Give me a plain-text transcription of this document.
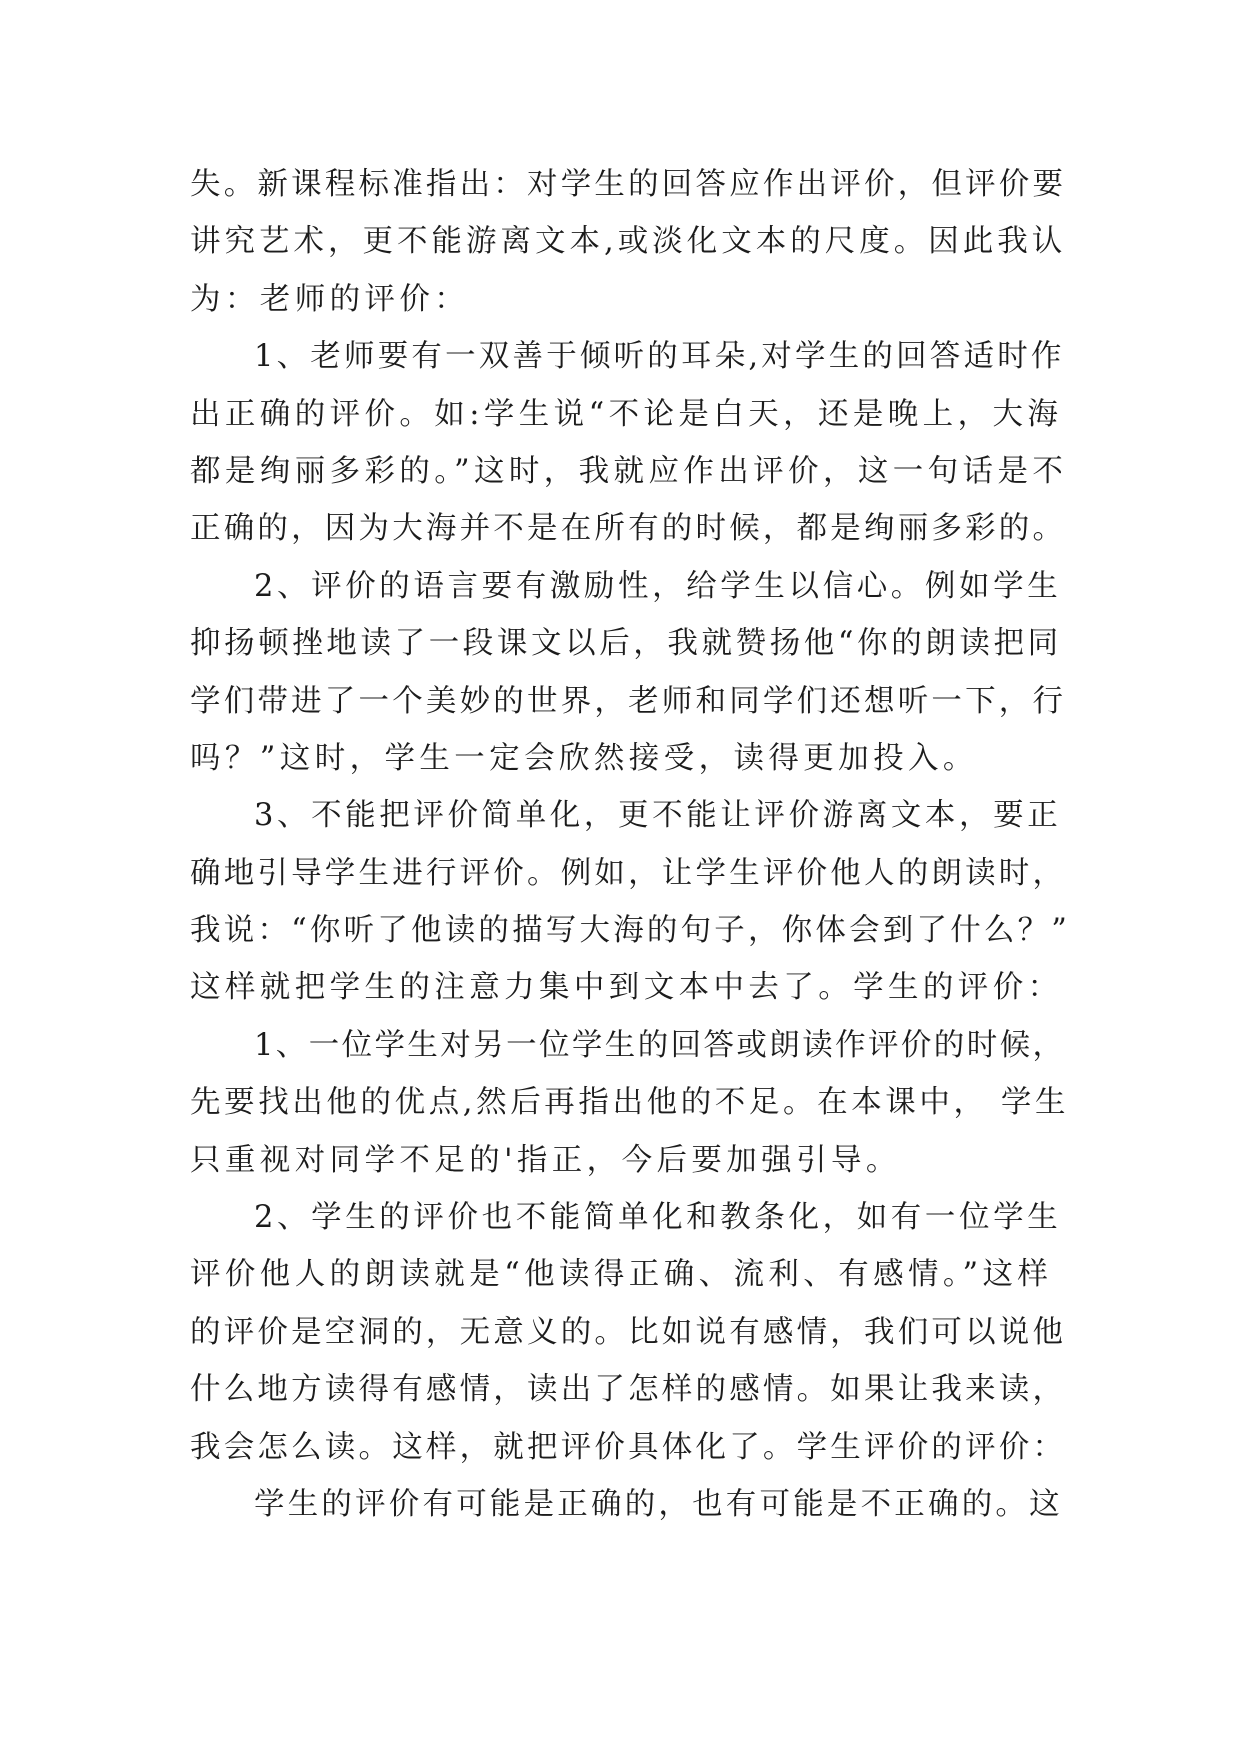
失。新课程标准指出：对学生的回答应作出评价，但评价要
讲究艺术，更不能游离文本,或淡化文本的尺度。因此我认
为：老师的评价：
1、老师要有一双善于倾听的耳朵,对学生的回答适时作
出正确的评价。如:学生说“不论是白天，还是晚上，大海
都是绚丽多彩的。”这时，我就应作出评价，这一句话是不
正确的，因为大海并不是在所有的时候，都是绚丽多彩的。
2、评价的语言要有激励性，给学生以信心。例如学生
抑扬顿挫地读了一段课文以后，我就赞扬他“你的朗读把同
学们带进了一个美妙的世界，老师和同学们还想听一下，行
吗？”这时，学生一定会欣然接受，读得更加投入。
3、不能把评价简单化，更不能让评价游离文本，要正
确地引导学生进行评价。例如，让学生评价他人的朗读时，
我说：“你听了他读的描写大海的句子，你体会到了什么？”
这样就把学生的注意力集中到文本中去了。学生的评价：
1、一位学生对另一位学生的回答或朗读作评价的时候，
先要找出他的优点,然后再指出他的不足。在本课中， 学生
只重视对同学不足的'指正，今后要加强引导。
2、学生的评价也不能简单化和教条化，如有一位学生
评价他人的朗读就是“他读得正确、流利、有感情。”这样
的评价是空洞的，无意义的。比如说有感情，我们可以说他
什么地方读得有感情，读出了怎样的感情。如果让我来读，
我会怎么读。这样，就把评价具体化了。学生评价的评价：
学生的评价有可能是正确的，也有可能是不正确的。这
